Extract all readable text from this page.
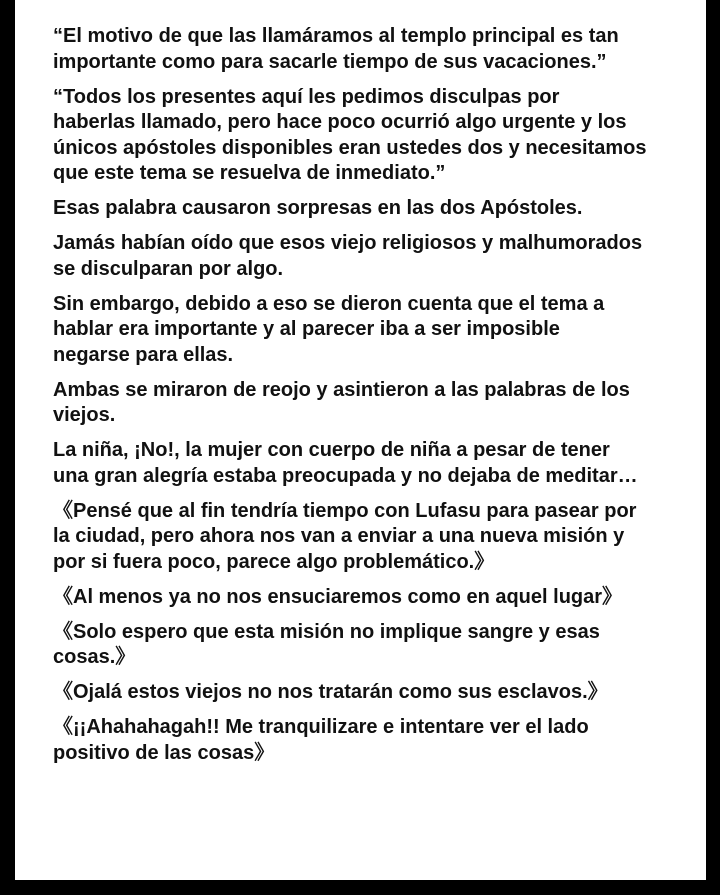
“El motivo de que las llamáramos al templo principal es tan
importante como para sacarle tiempo de sus vacaciones.”

“Todos los presentes aquí les pedimos disculpas por
haberlas llamado, pero hace poco ocurrió algo urgente y los
únicos apóstoles disponibles eran ustedes dos y necesitamos
que este tema se resuelva de inmediato.”

Esas palabra causaron sorpresas en las dos Apóstoles.

Jamás habían oído que esos viejo religiosos y malhumorados
se disculparan por algo.

Sin embargo, debido a eso se dieron cuenta que el tema a
hablar era importante y al parecer iba a ser imposible
negarse para ellas.

Ambas se miraron de reojo y asintieron a las palabras de los
viejos.

La niña, ¡No!, la mujer con cuerpo de niña a pesar de tener
una gran alegría estaba preocupada y no dejaba de meditar…

《Pensé que al fin tendría tiempo con Lufasu para pasear por
la ciudad, pero ahora nos van a enviar a una nueva misión y
por si fuera poco, parece algo problemático.》

《Al menos ya no nos ensuciaremos como en aquel lugar》

《Solo espero que esta misión no implique sangre y esas
cosas.》

《Ojalá estos viejos no nos tratarán como sus esclavos.》

《¡¡Ahahahagah!! Me tranquilizare e intentare ver el lado
positivo de las cosas》
